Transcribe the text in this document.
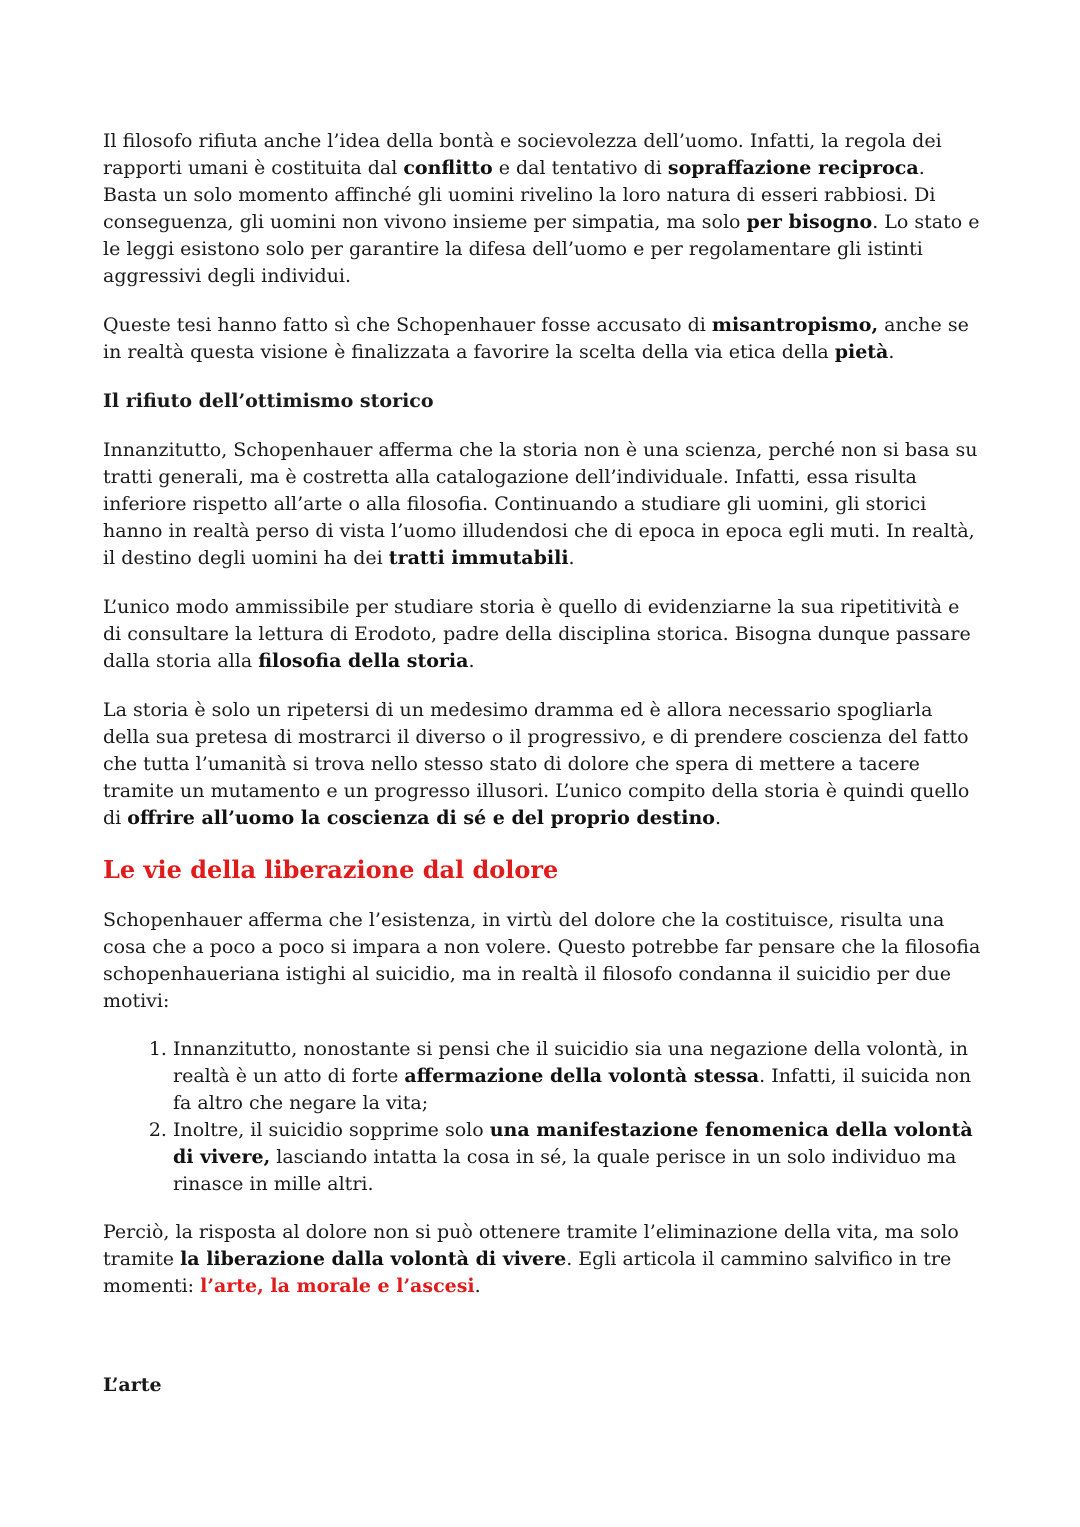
Il filosofo rifiuta anche l’idea della bontà e socievolezza dell’uomo. Infatti, la regola dei rapporti umani è costituita dal conflitto e dal tentativo di sopraffazione reciproca. Basta un solo momento affinché gli uomini rivelino la loro natura di esseri rabbiosi. Di conseguenza, gli uomini non vivono insieme per simpatia, ma solo per bisogno. Lo stato e le leggi esistono solo per garantire la difesa dell’uomo e per regolamentare gli istinti aggressivi degli individui.

Queste tesi hanno fatto sì che Schopenhauer fosse accusato di misantropismo, anche se in realtà questa visione è finalizzata a favorire la scelta della via etica della pietà.

Il rifiuto dell’ottimismo storico

Innanzitutto, Schopenhauer afferma che la storia non è una scienza, perché non si basa su tratti generali, ma è costretta alla catalogazione dell’individuale. Infatti, essa risulta inferiore rispetto all’arte o alla filosofia. Continuando a studiare gli uomini, gli storici hanno in realtà perso di vista l’uomo illudendosi che di epoca in epoca egli muti. In realtà, il destino degli uomini ha dei tratti immutabili.

L’unico modo ammissibile per studiare storia è quello di evidenziarne la sua ripetitività e di consultare la lettura di Erodoto, padre della disciplina storica. Bisogna dunque passare dalla storia alla filosofia della storia.

La storia è solo un ripetersi di un medesimo dramma ed è allora necessario spogliarla della sua pretesa di mostrarci il diverso o il progressivo, e di prendere coscienza del fatto che tutta l’umanità si trova nello stesso stato di dolore che spera di mettere a tacere tramite un mutamento e un progresso illusori. L’unico compito della storia è quindi quello di offrire all’uomo la coscienza di sé e del proprio destino.

Le vie della liberazione dal dolore

Schopenhauer afferma che l’esistenza, in virtù del dolore che la costituisce, risulta una cosa che a poco a poco si impara a non volere. Questo potrebbe far pensare che la filosofia schopenhaueriana istighi al suicidio, ma in realtà il filosofo condanna il suicidio per due motivi:

1. Innanzitutto, nonostante si pensi che il suicidio sia una negazione della volontà, in realtà è un atto di forte affermazione della volontà stessa. Infatti, il suicida non fa altro che negare la vita;
2. Inoltre, il suicidio sopprime solo una manifestazione fenomenica della volontà di vivere, lasciando intatta la cosa in sé, la quale perisce in un solo individuo ma rinasce in mille altri.

Perciò, la risposta al dolore non si può ottenere tramite l’eliminazione della vita, ma solo tramite la liberazione dalla volontà di vivere. Egli articola il cammino salvifico in tre momenti: l’arte, la morale e l’ascesi.

L’arte
